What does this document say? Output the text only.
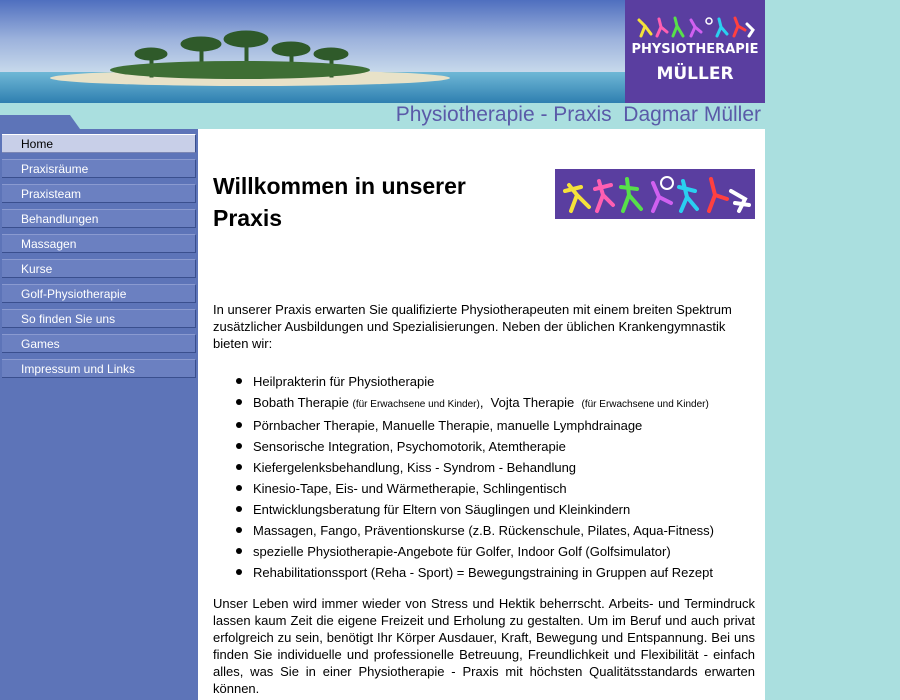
PHYSIOTHERAPIE
MÜLLER
Physiotherapie - Praxis  Dagmar Müller
Home
Praxisräume
Praxisteam
Behandlungen
Massagen
Kurse
Golf-Physiotherapie
So finden Sie uns
Games
Impressum und Links
Willkommen in unserer Praxis

In unserer Praxis erwarten Sie qualifizierte Physiotherapeuten mit einem breiten Spektrum zusätzlicher Ausbildungen und Spezialisierungen. Neben der üblichen Krankengymnastik bieten wir:

Heilprakterin für Physiotherapie
Bobath Therapie (für Erwachsene und Kinder),  Vojta Therapie (für Erwachsene und Kinder)
Pörnbacher Therapie, Manuelle Therapie, manuelle Lymphdrainage
Sensorische Integration, Psychomotorik, Atemtherapie
Kiefergelenksbehandlung, Kiss - Syndrom - Behandlung
Kinesio-Tape, Eis- und Wärmetherapie, Schlingentisch
Entwicklungsberatung für Eltern von Säuglingen und Kleinkindern
Massagen, Fango, Präventionskurse (z.B. Rückenschule, Pilates, Aqua-Fitness)
spezielle Physiotherapie-Angebote für Golfer, Indoor Golf (Golfsimulator)
Rehabilitationssport (Reha - Sport) = Bewegungstraining in Gruppen auf Rezept

Unser Leben wird immer wieder von Stress und Hektik beherrscht. Arbeits- und Termindruck lassen kaum Zeit die eigene Freizeit und Erholung zu gestalten. Um im Beruf und auch privat erfolgreich zu sein, benötigt Ihr Körper Ausdauer, Kraft, Bewegung und Entspannung. Bei uns finden Sie individuelle und professionelle Betreuung, Freundlichkeit und Flexibilität - einfach alles, was Sie in einer Physiotherapie - Praxis mit höchsten Qualitätsstandards erwarten können.
